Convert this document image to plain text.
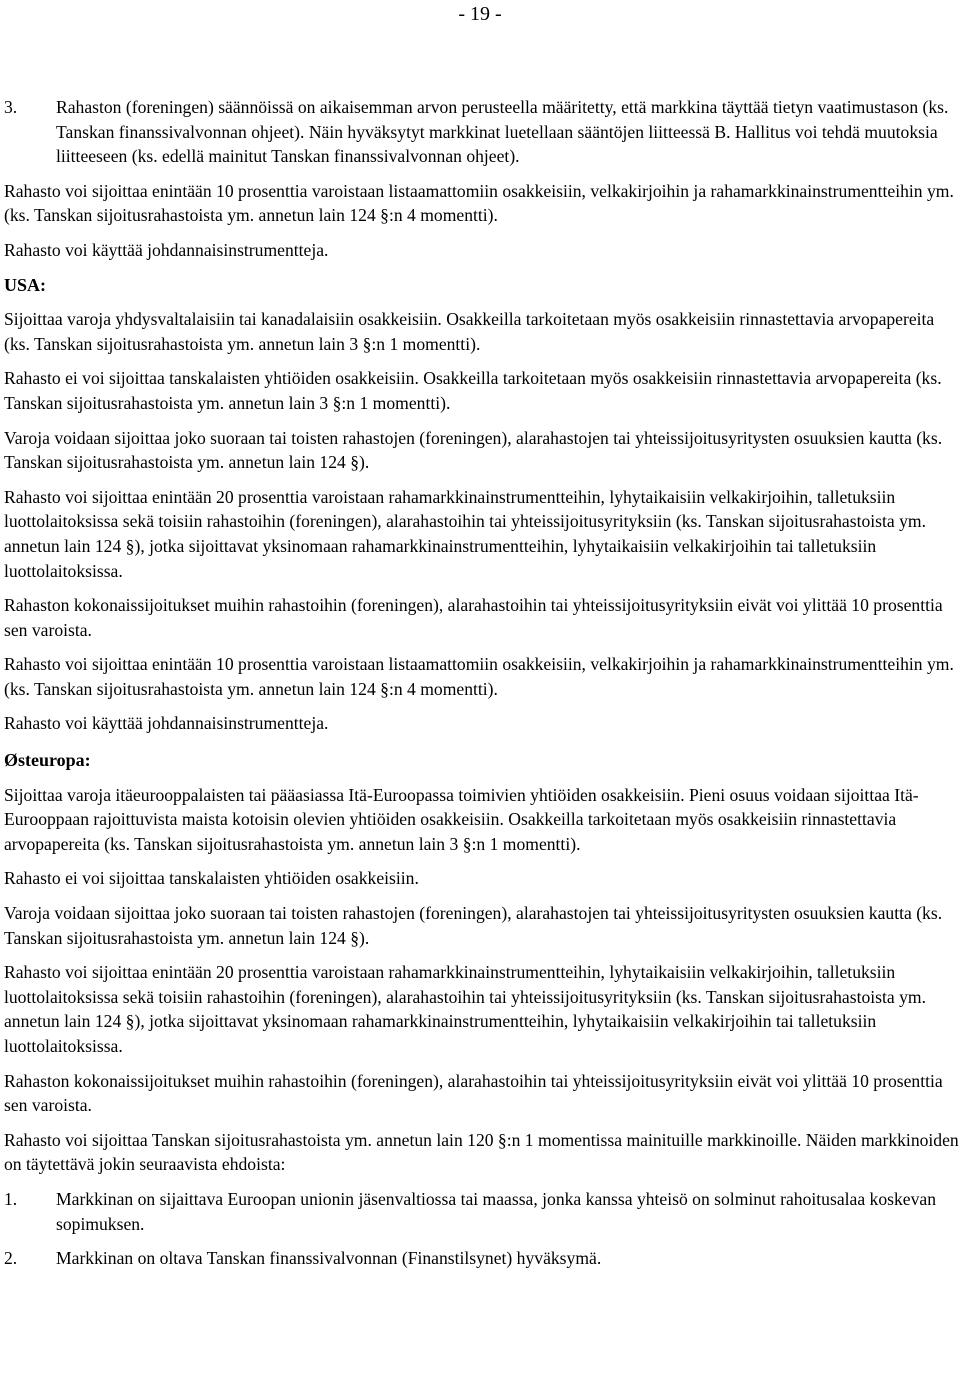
- 19 -
3.	Rahaston (foreningen) säännöissä on aikaisemman arvon perusteella määritetty, että markkina täyttää tietyn vaatimustason (ks. Tanskan finanssivalvonnan ohjeet). Näin hyväksytyt markkinat luetellaan sääntöjen liitteessä B. Hallitus voi tehdä muutoksia liitteeseen (ks. edellä mainitut Tanskan finanssivalvonnan ohjeet).

Rahasto voi sijoittaa enintään 10 prosenttia varoistaan listaamattomiin osakkeisiin, velkakirjoihin ja rahamarkkinainstrumentteihin ym. (ks. Tanskan sijoitusrahastoista ym. annetun lain 124 §:n 4 momentti).

Rahasto voi käyttää johdannaisinstrumentteja.

USA:

Sijoittaa varoja yhdysvaltalaisiin tai kanadalaisiin osakkeisiin. Osakkeilla tarkoitetaan myös osakkeisiin rinnastettavia arvopapereita (ks. Tanskan sijoitusrahastoista ym. annetun lain 3 §:n 1 momentti).

Rahasto ei voi sijoittaa tanskalaisten yhtiöiden osakkeisiin. Osakkeilla tarkoitetaan myös osakkeisiin rinnastettavia arvopapereita (ks. Tanskan sijoitusrahastoista ym. annetun lain 3 §:n 1 momentti).

Varoja voidaan sijoittaa joko suoraan tai toisten rahastojen (foreningen), alarahastojen tai yhteissijoitusyritysten osuuksien kautta (ks. Tanskan sijoitusrahastoista ym. annetun lain 124 §).

Rahasto voi sijoittaa enintään 20 prosenttia varoistaan rahamarkkinainstrumentteihin, lyhytaikaisiin velkakirjoihin, talletuksiin luottolaitoksissa sekä toisiin rahastoihin (foreningen), alarahastoihin tai yhteissijoitusyrityksiin (ks. Tanskan sijoitusrahastoista ym. annetun lain 124 §), jotka sijoittavat yksinomaan rahamarkkinainstrumentteihin, lyhytaikaisiin velkakirjoihin tai talletuksiin luottolaitoksissa.

Rahaston kokonaissijoitukset muihin rahastoihin (foreningen), alarahastoihin tai yhteissijoitusyrityksiin eivät voi ylittää 10 prosenttia sen varoista.

Rahasto voi sijoittaa enintään 10 prosenttia varoistaan listaamattomiin osakkeisiin, velkakirjoihin ja rahamarkkinainstrumentteihin ym. (ks. Tanskan sijoitusrahastoista ym. annetun lain 124 §:n 4 momentti).

Rahasto voi käyttää johdannaisinstrumentteja.

Østeuropa:

Sijoittaa varoja itäeurooppalaisten tai pääasiassa Itä-Euroopassa toimivien yhtiöiden osakkeisiin. Pieni osuus voidaan sijoittaa Itä-Eurooppaan rajoittuvista maista kotoisin olevien yhtiöiden osakkeisiin. Osakkeilla tarkoitetaan myös osakkeisiin rinnastettavia arvopapereita (ks. Tanskan sijoitusrahastoista ym. annetun lain 3 §:n 1 momentti).

Rahasto ei voi sijoittaa tanskalaisten yhtiöiden osakkeisiin.

Varoja voidaan sijoittaa joko suoraan tai toisten rahastojen (foreningen), alarahastojen tai yhteissijoitusyritysten osuuksien kautta (ks. Tanskan sijoitusrahastoista ym. annetun lain 124 §).

Rahasto voi sijoittaa enintään 20 prosenttia varoistaan rahamarkkinainstrumentteihin, lyhytaikaisiin velkakirjoihin, talletuksiin luottolaitoksissa sekä toisiin rahastoihin (foreningen), alarahastoihin tai yhteissijoitusyrityksiin (ks. Tanskan sijoitusrahastoista ym. annetun lain 124 §), jotka sijoittavat yksinomaan rahamarkkinainstrumentteihin, lyhytaikaisiin velkakirjoihin tai talletuksiin luottolaitoksissa.

Rahaston kokonaissijoitukset muihin rahastoihin (foreningen), alarahastoihin tai yhteissijoitusyrityksiin eivät voi ylittää 10 prosenttia sen varoista.

Rahasto voi sijoittaa Tanskan sijoitusrahastoista ym. annetun lain 120 §:n 1 momentissa mainituille markkinoille. Näiden markkinoiden on täytettävä jokin seuraavista ehdoista:

1.	Markkinan on sijaittava Euroopan unionin jäsenvaltiossa tai maassa, jonka kanssa yhteisö on solminut rahoitusalaa koskevan sopimuksen.
2.	Markkinan on oltava Tanskan finanssivalvonnan (Finanstilsynet) hyväksymä.
